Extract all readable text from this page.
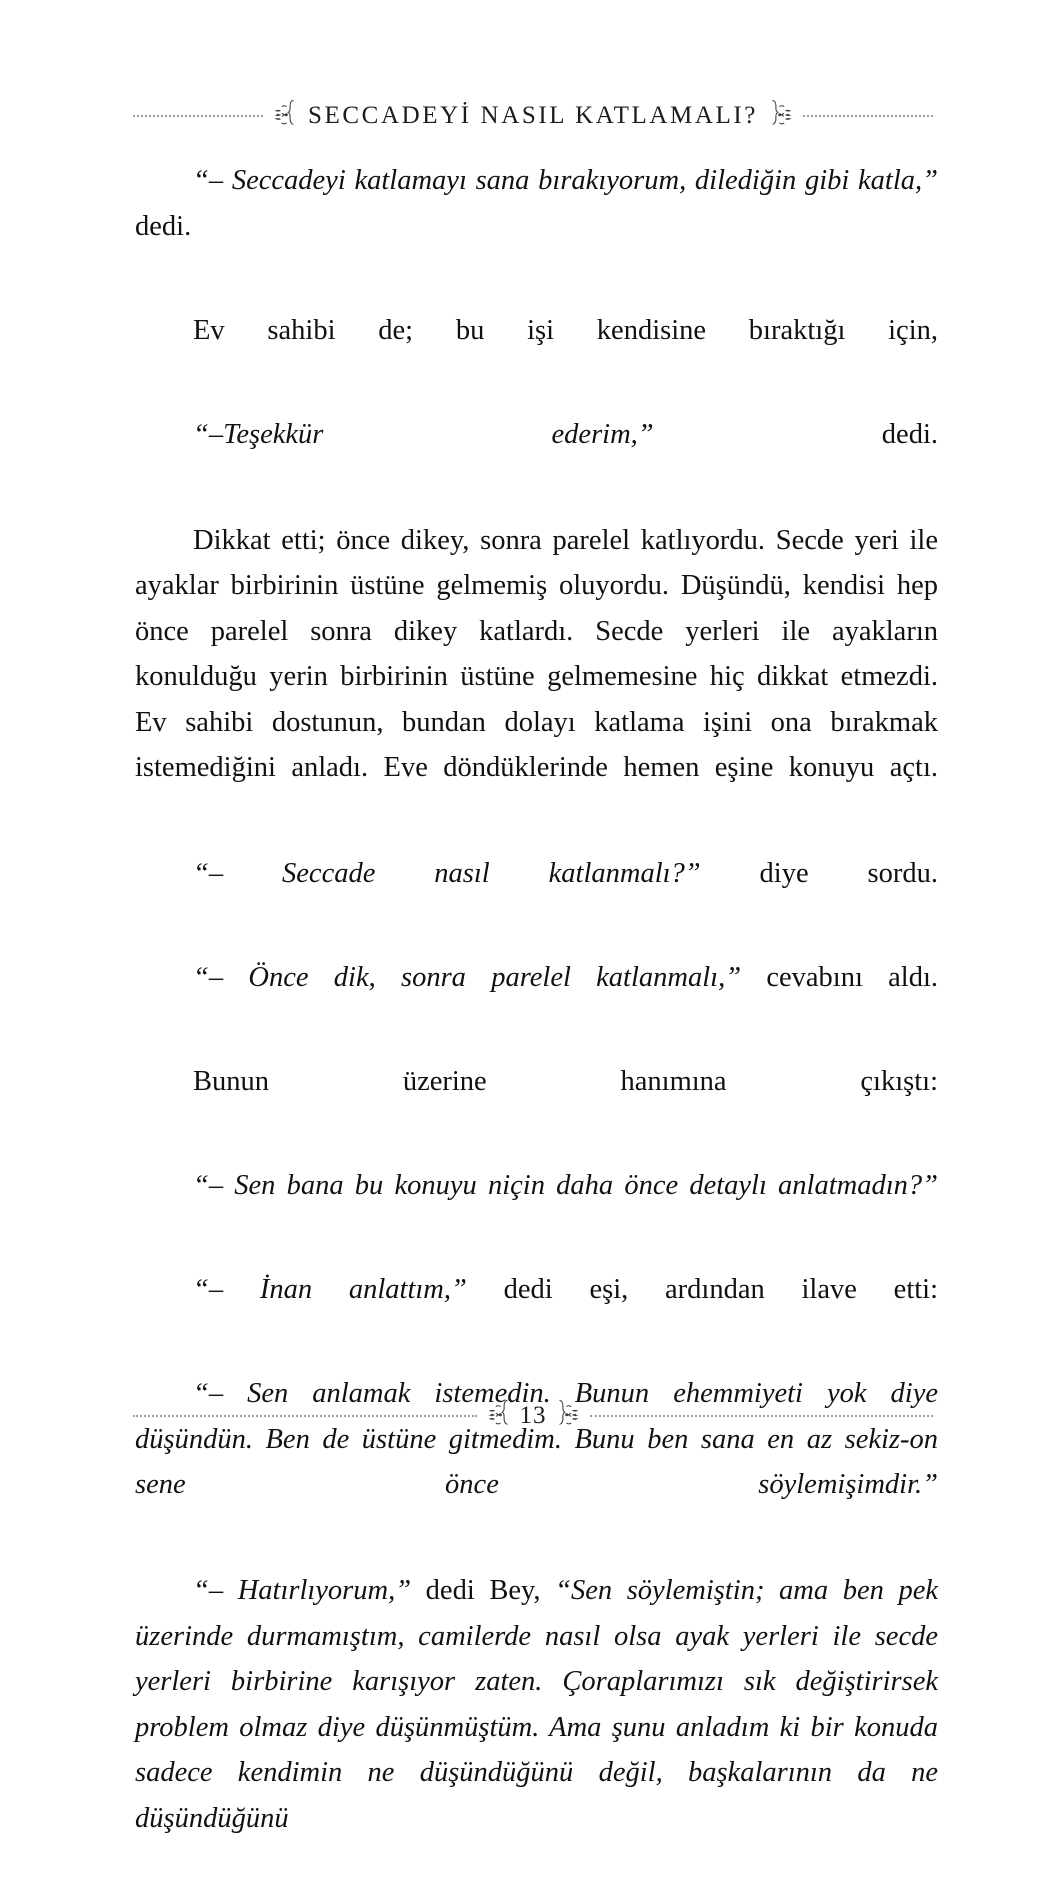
SECCADEYİ NASIL KATLAMALI?

“– Seccadeyi katlamayı sana bırakıyorum, dilediğin gibi katla,” dedi.

Ev sahibi de; bu işi kendisine bıraktığı için,

“–Teşekkür ederim,” dedi.

Dikkat etti; önce dikey, sonra parelel katlıyordu. Secde yeri ile ayaklar birbirinin üstüne gelmemiş oluyordu. Düşündü, kendisi hep önce parelel sonra dikey katlardı. Secde yerleri ile ayakların konulduğu yerin birbirinin üstüne gelmemesine hiç dikkat etmezdi. Ev sahibi dostunun, bundan dolayı katlama işini ona bırakmak istemediğini anladı. Eve döndüklerinde hemen eşine konuyu açtı.

“– Seccade nasıl katlanmalı?” diye sordu.

“– Önce dik, sonra parelel katlanmalı,” cevabını aldı.

Bunun üzerine hanımına çıkıştı:

“– Sen bana bu konuyu niçin daha önce detaylı anlatmadın?”

“– İnan anlattım,” dedi eşi, ardından ilave etti:

“– Sen anlamak istemedin. Bunun ehemmiyeti yok diye düşündün. Ben de üstüne gitmedim. Bunu ben sana en az sekiz-on sene önce söylemişimdir.”

“– Hatırlıyorum,” dedi Bey, “Sen söylemiştin; ama ben pek üzerinde durmamıştım, camilerde nasıl olsa ayak yerleri ile secde yerleri birbirine karışıyor zaten. Çoraplarımızı sık değiştirirsek problem olmaz diye düşünmüştüm. Ama şunu anladım ki bir konuda sadece kendimin ne düşündüğünü değil, başkalarının da ne düşündüğünü

13
